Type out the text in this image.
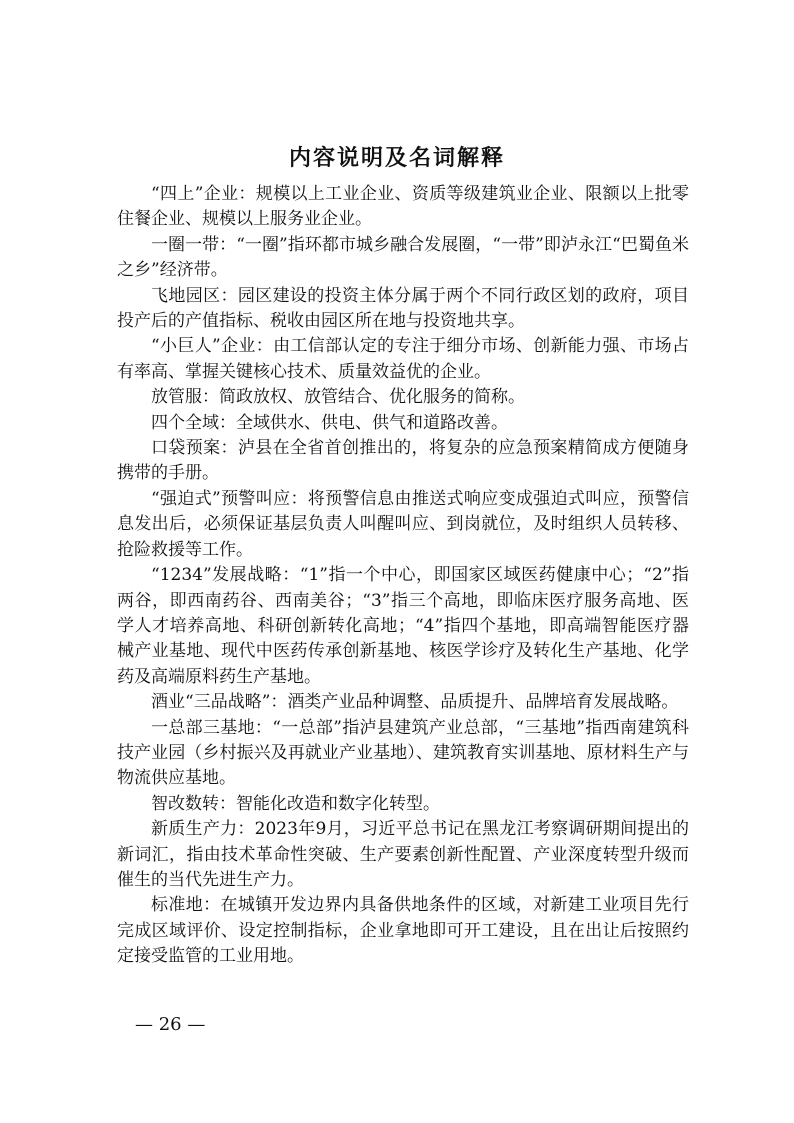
内容说明及名词解释

“四上”企业：规模以上工业企业、资质等级建筑业企业、限额以上批零住餐企业、规模以上服务业企业。

一圈一带：“一圈”指环都市城乡融合发展圈，“一带”即泸永江“巴蜀鱼米之乡”经济带。

飞地园区：园区建设的投资主体分属于两个不同行政区划的政府，项目投产后的产值指标、税收由园区所在地与投资地共享。

“小巨人”企业：由工信部认定的专注于细分市场、创新能力强、市场占有率高、掌握关键核心技术、质量效益优的企业。

放管服：简政放权、放管结合、优化服务的简称。

四个全域：全域供水、供电、供气和道路改善。

口袋预案：泸县在全省首创推出的，将复杂的应急预案精简成方便随身携带的手册。

“强迫式”预警叫应：将预警信息由推送式响应变成强迫式叫应，预警信息发出后，必须保证基层负责人叫醒叫应、到岗就位，及时组织人员转移、抢险救援等工作。

“1234”发展战略：“1”指一个中心，即国家区域医药健康中心；“2”指两谷，即西南药谷、西南美谷；“3”指三个高地，即临床医疗服务高地、医学人才培养高地、科研创新转化高地；“4”指四个基地，即高端智能医疗器械产业基地、现代中医药传承创新基地、核医学诊疗及转化生产基地、化学药及高端原料药生产基地。

酒业“三品战略”：酒类产业品种调整、品质提升、品牌培育发展战略。

一总部三基地：“一总部”指泸县建筑产业总部，“三基地”指西南建筑科技产业园（乡村振兴及再就业产业基地）、建筑教育实训基地、原材料生产与物流供应基地。

智改数转：智能化改造和数字化转型。

新质生产力：2023年9月，习近平总书记在黑龙江考察调研期间提出的新词汇，指由技术革命性突破、生产要素创新性配置、产业深度转型升级而催生的当代先进生产力。

标准地：在城镇开发边界内具备供地条件的区域，对新建工业项目先行完成区域评价、设定控制指标，企业拿地即可开工建设，且在出让后按照约定接受监管的工业用地。

— 26 —
